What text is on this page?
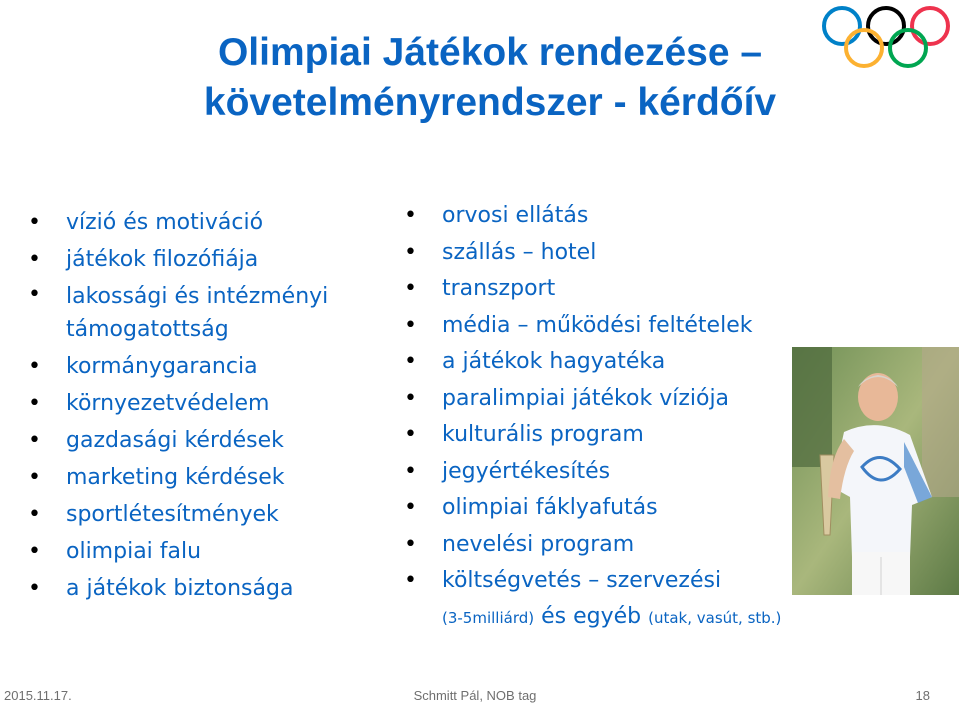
Olimpiai Játékok rendezése –
követelményrendszer - kérdőív
• vízió és motiváció
• játékok filozófiája
• lakossági és intézményi támogatottság
• kormánygarancia
• környezetvédelem
• gazdasági kérdések
• marketing kérdések
• sportlétesítmények
• olimpiai falu
• a játékok biztonsága
• orvosi ellátás
• szállás – hotel
• transzport
• média – működési feltételek
• a játékok hagyatéka
• paralimpiai játékok víziója
• kulturális program
• jegyértékesítés
• olimpiai fáklyafutás
• nevelési program
• költségvetés – szervezési
(3-5milliárd) és egyéb (utak, vasút, stb.)
2015.11.17.	Schmitt Pál, NOB tag	18
